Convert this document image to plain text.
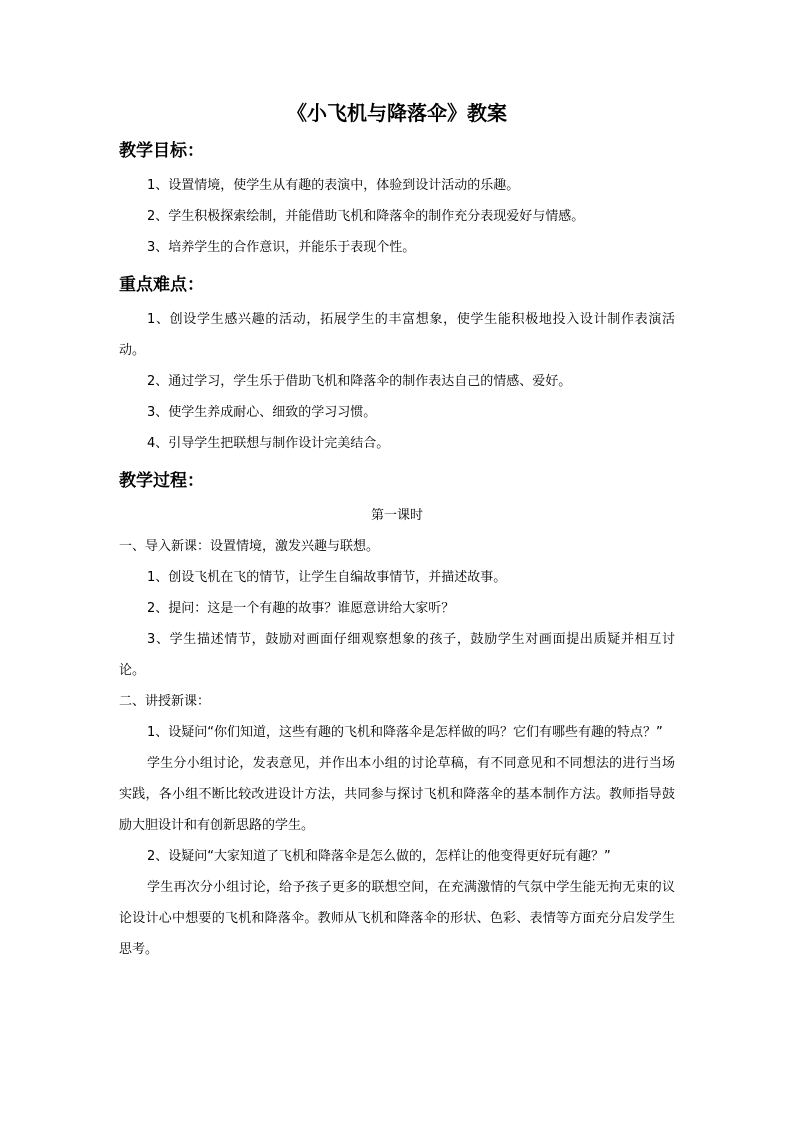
《小飞机与降落伞》教案
教学目标：

1、设置情境，使学生从有趣的表演中，体验到设计活动的乐趣。

2、学生积极探索绘制，并能借助飞机和降落伞的制作充分表现爱好与情感。

3、培养学生的合作意识，并能乐于表现个性。

重点难点：

1、创设学生感兴趣的活动，拓展学生的丰富想象，使学生能积极地投入设计制作表演活动。

2、通过学习，学生乐于借助飞机和降落伞的制作表达自己的情感、爱好。

3、使学生养成耐心、细致的学习习惯。

4、引导学生把联想与制作设计完美结合。

教学过程：

第一课时

一、导入新课：设置情境，激发兴趣与联想。

1、创设飞机在飞的情节，让学生自编故事情节，并描述故事。

2、提问：这是一个有趣的故事？谁愿意讲给大家听？

3、学生描述情节，鼓励对画面仔细观察想象的孩子，鼓励学生对画面提出质疑并相互讨论。

二、讲授新课：

1、设疑问“你们知道，这些有趣的飞机和降落伞是怎样做的吗？它们有哪些有趣的特点？”

学生分小组讨论，发表意见，并作出本小组的讨论草稿，有不同意见和不同想法的进行当场实践，各小组不断比较改进设计方法，共同参与探讨飞机和降落伞的基本制作方法。教师指导鼓励大胆设计和有创新思路的学生。

2、设疑问“大家知道了飞机和降落伞是怎么做的，怎样让的他变得更好玩有趣？”

学生再次分小组讨论，给予孩子更多的联想空间，在充满激情的气氛中学生能无拘无束的议论设计心中想要的飞机和降落伞。教师从飞机和降落伞的形状、色彩、表情等方面充分启发学生思考。
